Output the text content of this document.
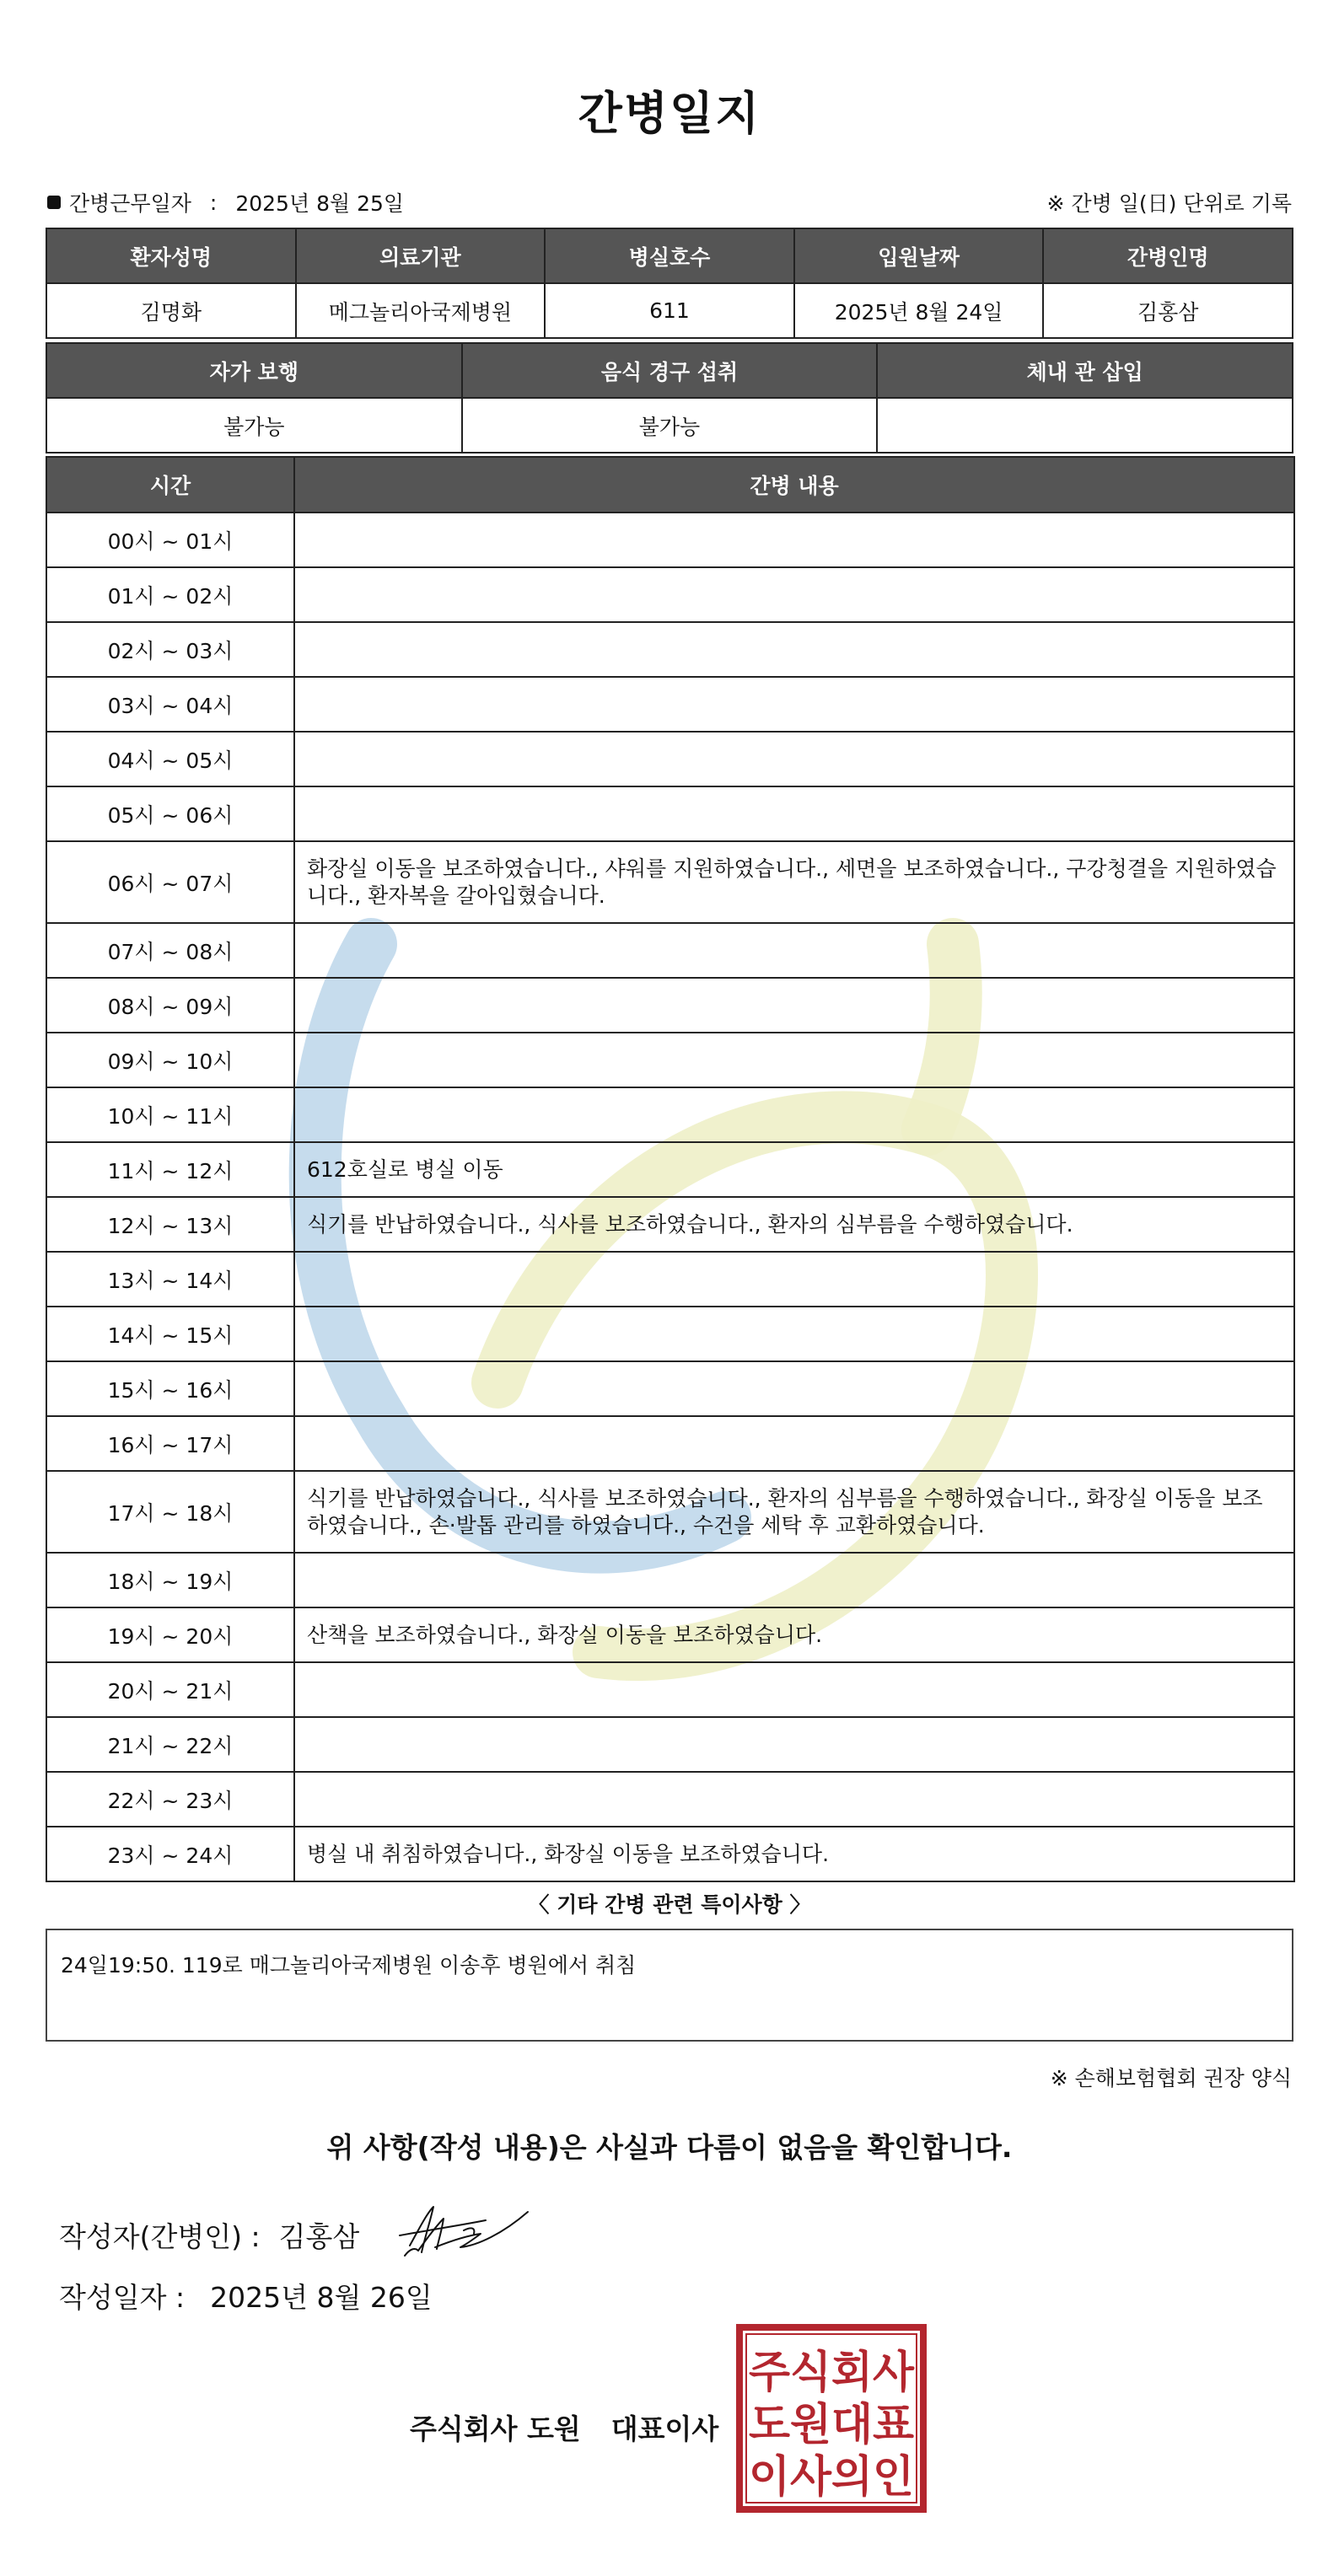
간병일지
간병근무일자 : 2025년 8월 25일	※ 간병 일(日) 단위로 기록
환자성명	의료기관	병실호수	입원날짜	간병인명
김명화	메그놀리아국제병원	611	2025년 8월 24일	김홍삼
자가 보행	음식 경구 섭취	체내 관 삽입
불가능	불가능	
시간	간병 내용
00시 ~ 01시	
01시 ~ 02시	
02시 ~ 03시	
03시 ~ 04시	
04시 ~ 05시	
05시 ~ 06시	
06시 ~ 07시	화장실 이동을 보조하였습니다., 샤워를 지원하였습니다., 세면을 보조하였습니다., 구강청결을 지원하였습니다., 환자복을 갈아입혔습니다.
07시 ~ 08시	
08시 ~ 09시	
09시 ~ 10시	
10시 ~ 11시	
11시 ~ 12시	612호실로 병실 이동
12시 ~ 13시	식기를 반납하였습니다., 식사를 보조하였습니다., 환자의 심부름을 수행하였습니다.
13시 ~ 14시	
14시 ~ 15시	
15시 ~ 16시	
16시 ~ 17시	
17시 ~ 18시	식기를 반납하였습니다., 식사를 보조하였습니다., 환자의 심부름을 수행하였습니다., 화장실 이동을 보조하였습니다., 손·발톱 관리를 하였습니다., 수건을 세탁 후 교환하였습니다.
18시 ~ 19시	
19시 ~ 20시	산책을 보조하였습니다., 화장실 이동을 보조하였습니다.
20시 ~ 21시	
21시 ~ 22시	
22시 ~ 23시	
23시 ~ 24시	병실 내 취침하였습니다., 화장실 이동을 보조하였습니다.
〈 기타 간병 관련 특이사항 〉
24일19:50. 119로 매그놀리아국제병원 이송후 병원에서 취침
※ 손해보험협회 권장 양식
위 사항(작성 내용)은 사실과 다름이 없음을 확인합니다.
작성자(간병인) : 김홍삼
작성일자 : 2025년 8월 26일
주식회사 도원 대표이사
주식회사
도원대표
이사의인
